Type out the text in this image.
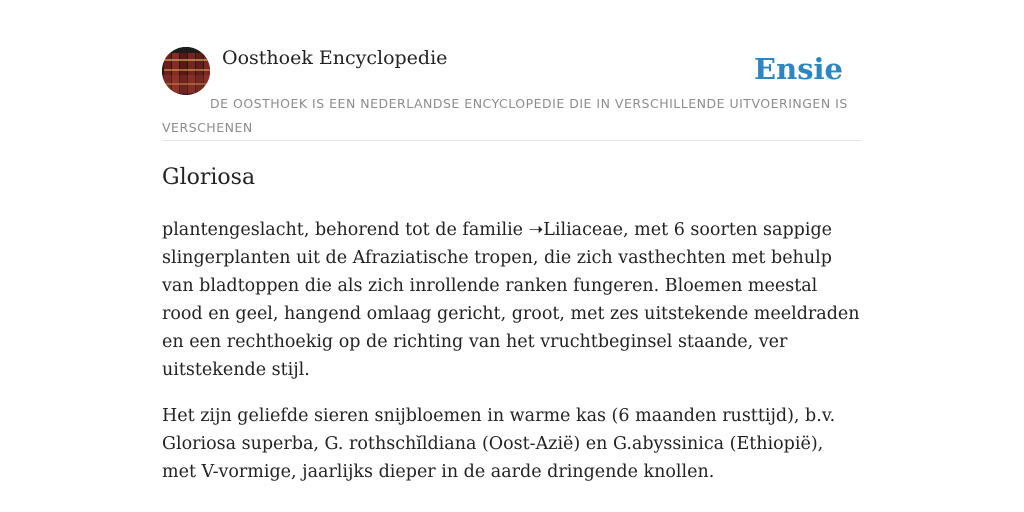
Oosthoek Encyclopedie	Ensie
DE OOSTHOEK IS EEN NEDERLANDSE ENCYCLOPEDIE DIE IN VERSCHILLENDE UITVOERINGEN IS VERSCHENEN
Gloriosa

plantengeslacht, behorend tot de familie ➝Liliaceae, met 6 soorten sappige slingerplanten uit de Afraziatische tropen, die zich vasthechten met behulp van bladtoppen die als zich inrollende ranken fungeren. Bloemen meestal rood en geel, hangend omlaag gericht, groot, met zes uitstekende meeldraden en een rechthoekig op de richting van het vruchtbeginsel staande, ver uitstekende stijl.

Het zijn geliefde sieren snijbloemen in warme kas (6 maanden rusttijd), b.v. Gloriosa superba, G. rothschĭldiana (Oost-Azië) en G.abyssinica (Ethiopië), met V-vormige, jaarlijks dieper in de aarde dringende knollen.
